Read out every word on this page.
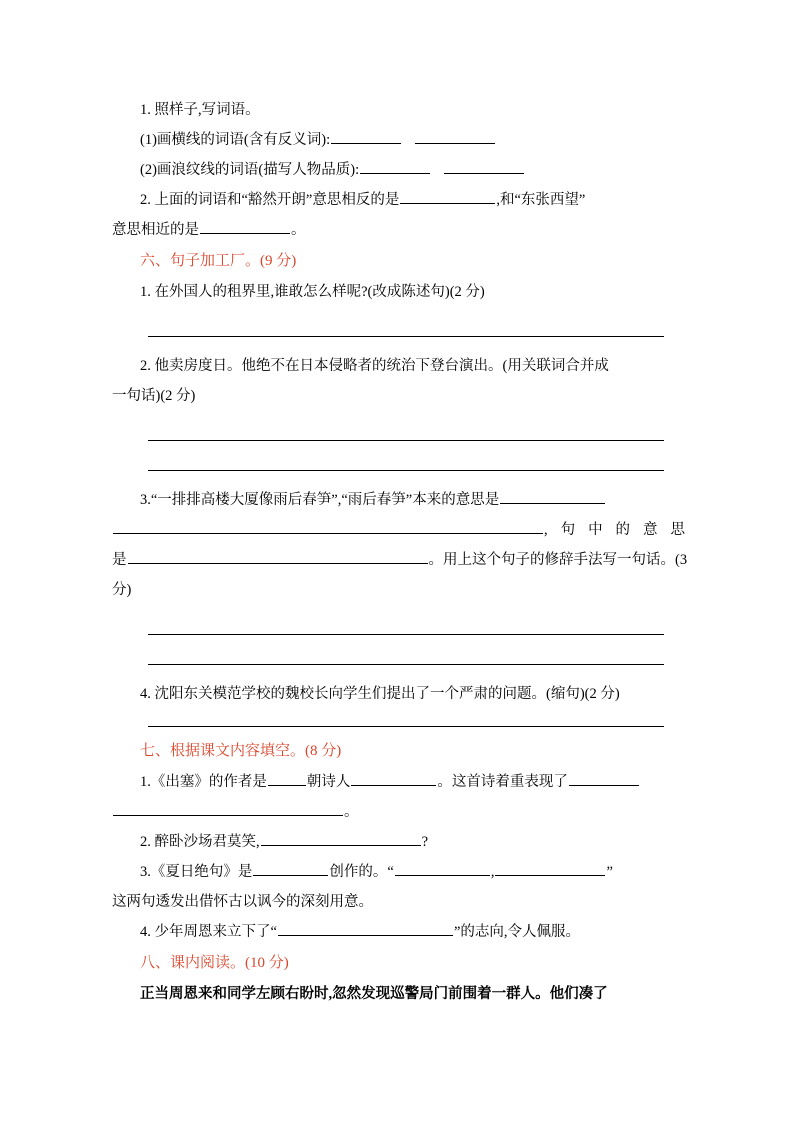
1. 照样子,写词语。

(1)画横线的词语(含有反义词):

(2)画浪纹线的词语(描写人物品质):

2. 上面的词语和“豁然开朗”意思相反的是	,和“东张西望”

意思相近的是	。

六、句子加工厂。(9 分)

1. 在外国人的租界里,谁敢怎么样呢?(改成陈述句)(2 分)

2. 他卖房度日。他绝不在日本侵略者的统治下登台演出。(用关联词合并成

一句话)(2 分)

3.“一排排高楼大厦像雨后春笋”,“雨后春笋”本来的意思是

,句中的意思

是	。用上这个句子的修辞手法写一句话。(3

分)

4. 沈阳东关模范学校的魏校长向学生们提出了一个严肃的问题。(缩句)(2 分)

七、根据课文内容填空。(8 分)

1.《出塞》的作者是	朝诗人	。这首诗着重表现了

。

2. 醉卧沙场君莫笑,	?

3.《夏日绝句》是	创作的。“	,	”

这两句透发出借怀古以讽今的深刻用意。

4. 少年周恩来立下了“	”的志向,令人佩服。

八、课内阅读。(10 分)

正当周恩来和同学左顾右盼时,忽然发现巡警局门前围着一群人。他们凑了
